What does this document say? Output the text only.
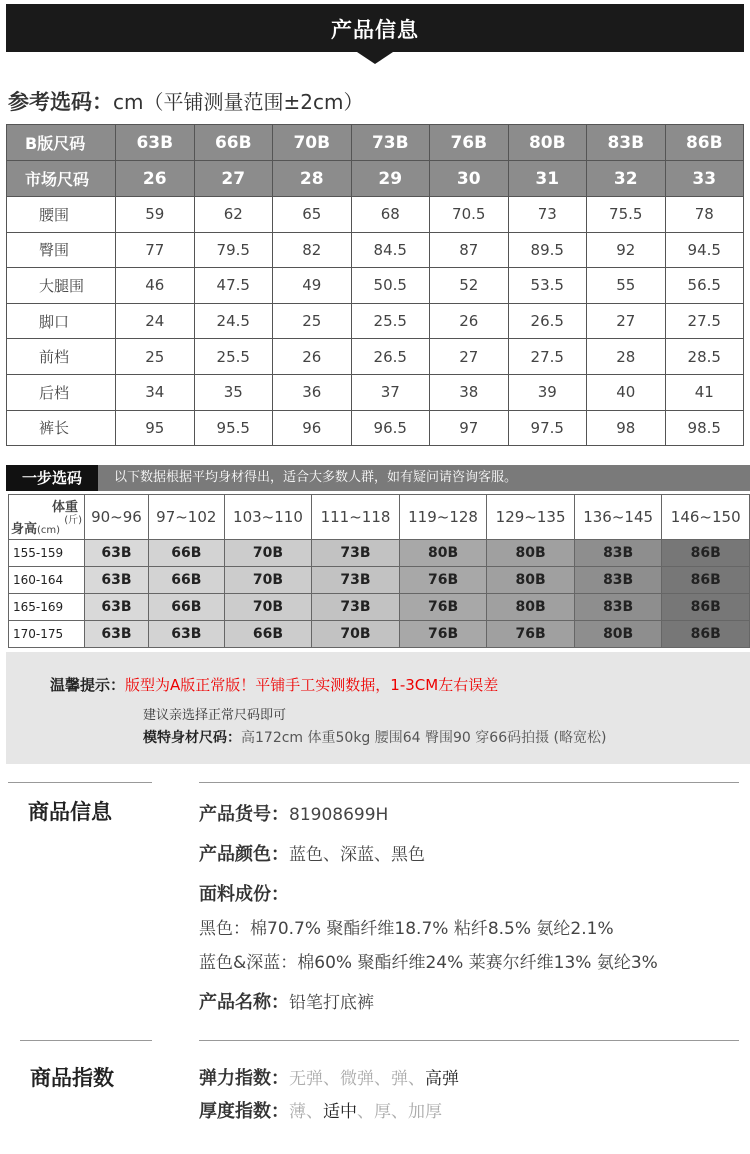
产品信息
参考选码：cm（平铺测量范围±2cm）
B版尺码	63B	66B	70B	73B	76B	80B	83B	86B
市场尺码	26	27	28	29	30	31	32	33
腰围	59	62	65	68	70.5	73	75.5	78
臀围	77	79.5	82	84.5	87	89.5	92	94.5
大腿围	46	47.5	49	50.5	52	53.5	55	56.5
脚口	24	24.5	25	25.5	26	26.5	27	27.5
前档	25	25.5	26	26.5	27	27.5	28	28.5
后档	34	35	36	37	38	39	40	41
裤长	95	95.5	96	96.5	97	97.5	98	98.5
一步选码	以下数据根据平均身材得出，适合大多数人群，如有疑问请咨询客服。
体重
(斤)
身高(cm)	90~96	97~102	103~110	111~118	119~128	129~135	136~145	146~150
155-159	63B	66B	70B	73B	80B	80B	83B	86B
160-164	63B	66B	70B	73B	76B	80B	83B	86B
165-169	63B	66B	70B	73B	76B	80B	83B	86B
170-175	63B	63B	66B	70B	76B	76B	80B	86B
温馨提示：版型为A版正常版！平铺手工实测数据，1-3CM左右误差
建议亲选择正常尺码即可
模特身材尺码：高172cm 体重50kg 腰围64 臀围90 穿66码拍摄 (略宽松)
商品信息	产品货号：81908699H
产品颜色：蓝色、深蓝、黑色
面料成份：
黑色：棉70.7% 聚酯纤维18.7% 粘纤8.5% 氨纶2.1%
蓝色&深蓝：棉60% 聚酯纤维24% 莱赛尔纤维13% 氨纶3%
产品名称：铅笔打底裤
商品指数	弹力指数：无弹、微弹、弹、高弹
厚度指数：薄、适中、厚、加厚
